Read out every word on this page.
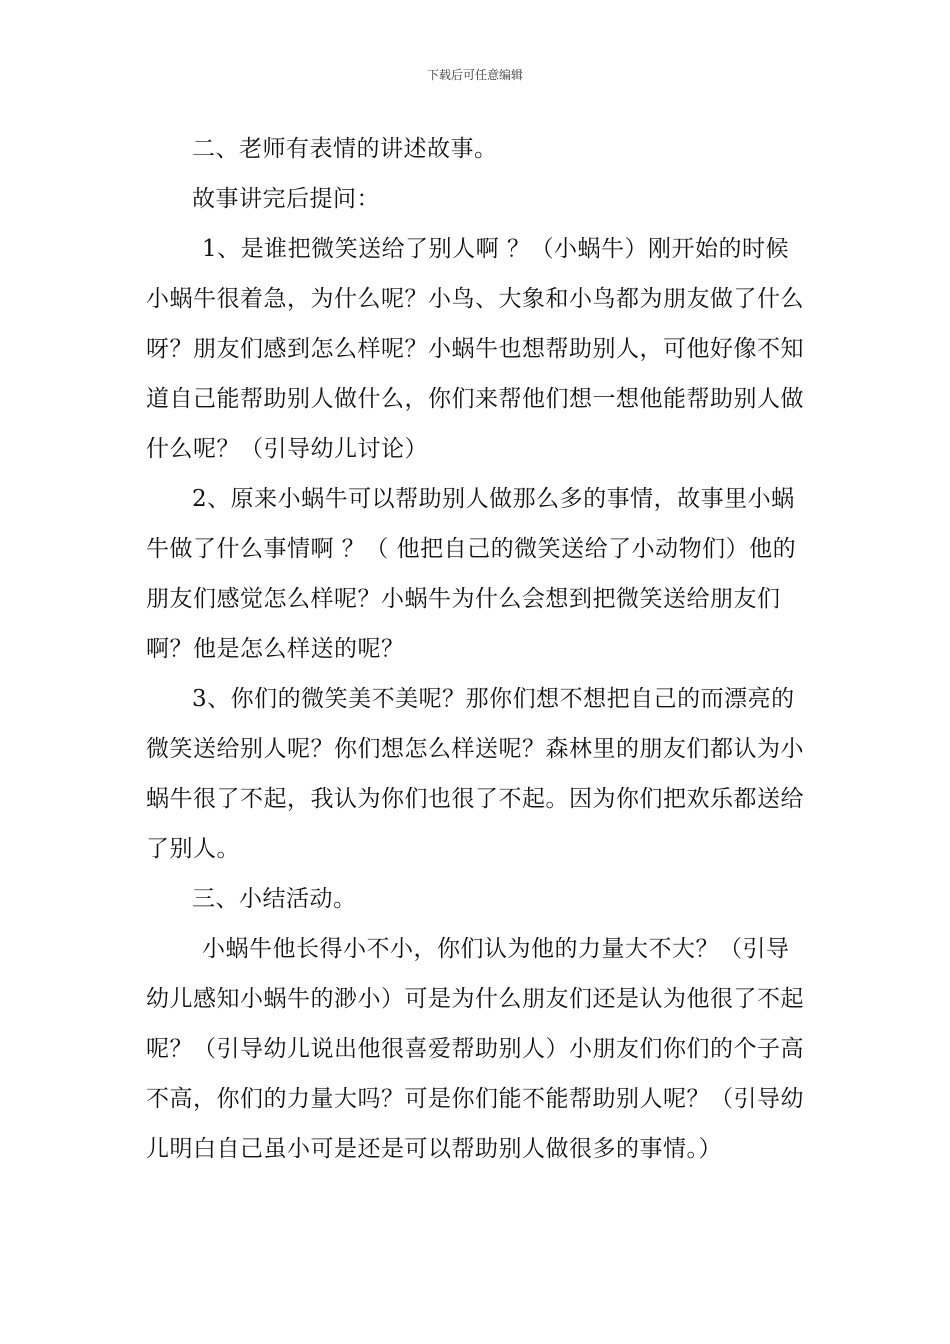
下载后可任意编辑

二、老师有表情的讲述故事。

故事讲完后提问：

1、是谁把微笑送给了别人啊 ？（小蜗牛）刚开始的时候小蜗牛很着急，为什么呢？小鸟、大象和小鸟都为朋友做了什么呀？朋友们感到怎么样呢？小蜗牛也想帮助别人，可他好像不知道自己能帮助别人做什么，你们来帮他们想一想他能帮助别人做什么呢？（引导幼儿讨论）

2、原来小蜗牛可以帮助别人做那么多的事情，故事里小蜗牛做了什么事情啊 ？（ 他把自己的微笑送给了小动物们）他的朋友们感觉怎么样呢？小蜗牛为什么会想到把微笑送给朋友们啊？他是怎么样送的呢？

3、你们的微笑美不美呢？那你们想不想把自己的而漂亮的微笑送给别人呢？你们想怎么样送呢？森林里的朋友们都认为小蜗牛很了不起，我认为你们也很了不起。因为你们把欢乐都送给了别人。

三、小结活动。

小蜗牛他长得小不小，你们认为他的力量大不大？（引导幼儿感知小蜗牛的渺小）可是为什么朋友们还是认为他很了不起呢？（引导幼儿说出他很喜爱帮助别人）小朋友们你们的个子高不高，你们的力量大吗？可是你们能不能帮助别人呢？（引导幼儿明白自己虽小可是还是可以帮助别人做很多的事情。）
